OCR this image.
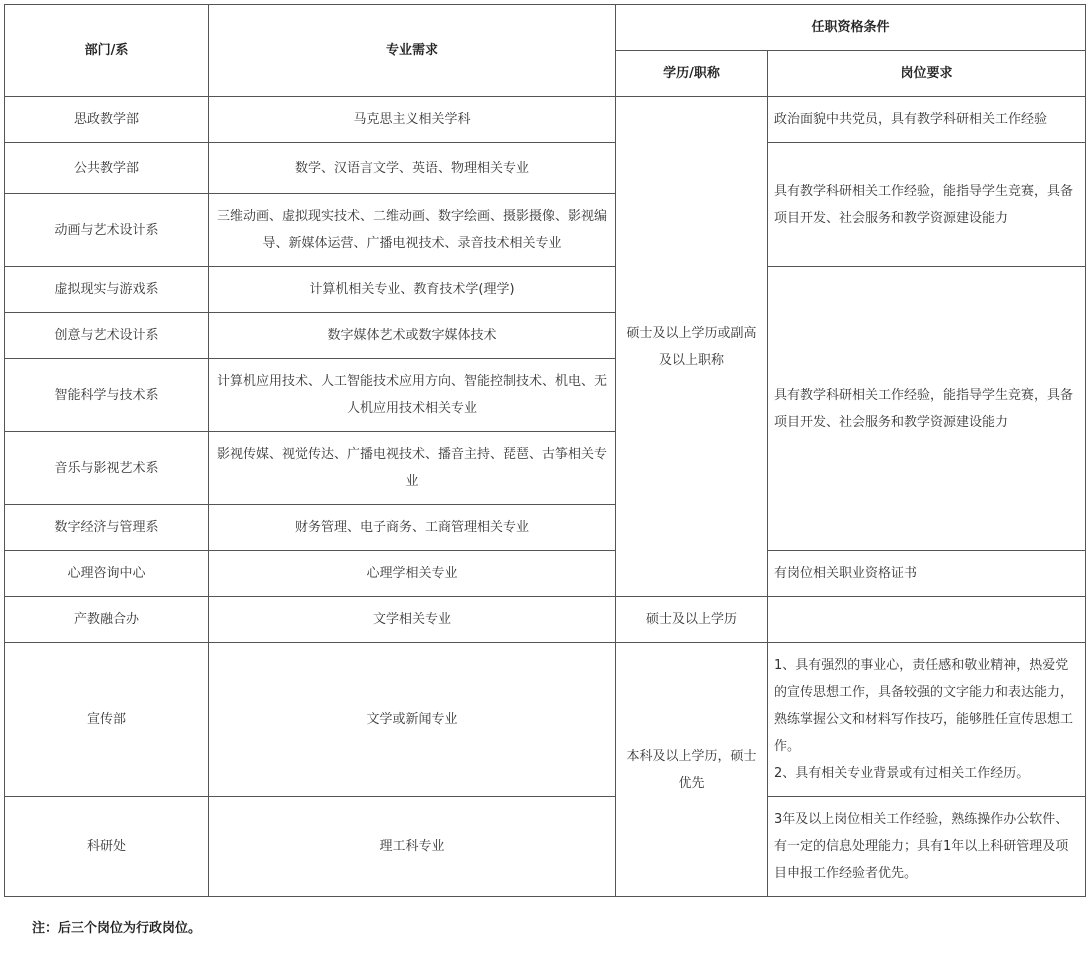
部门/系	专业需求	任职资格条件	
		学历/职称	岗位要求
思政教学部	马克思主义相关学科	硕士及以上学历或副高及以上职称	政治面貌中共党员，具有教学科研相关工作经验
公共教学部	数学、汉语言文学、英语、物理相关专业		具有教学科研相关工作经验，能指导学生竞赛，具备项目开发、社会服务和教学资源建设能力
动画与艺术设计系	三维动画、虚拟现实技术、二维动画、数字绘画、摄影摄像、影视编导、新媒体运营、广播电视技术、录音技术相关专业		
虚拟现实与游戏系	计算机相关专业、教育技术学(理学)		具有教学科研相关工作经验，能指导学生竞赛，具备项目开发、社会服务和教学资源建设能力
创意与艺术设计系	数字媒体艺术或数字媒体技术		
智能科学与技术系	计算机应用技术、人工智能技术应用方向、智能控制技术、机电、无人机应用技术相关专业		
音乐与影视艺术系	影视传媒、视觉传达、广播电视技术、播音主持、琵琶、古筝相关专业		
数字经济与管理系	财务管理、电子商务、工商管理相关专业		
心理咨询中心	心理学相关专业		有岗位相关职业资格证书
产教融合办	文学相关专业	硕士及以上学历	
宣传部	文学或新闻专业	本科及以上学历，硕士优先	1、具有强烈的事业心，责任感和敬业精神，热爱党的宣传思想工作，具备较强的文字能力和表达能力，熟练掌握公文和材料写作技巧，能够胜任宣传思想工作。
2、具有相关专业背景或有过相关工作经历。

科研处	理工科专业		3年及以上岗位相关工作经验，熟练操作办公软件、有一定的信息处理能力；具有1年以上科研管理及项目申报工作经验者优先。
注：后三个岗位为行政岗位。
